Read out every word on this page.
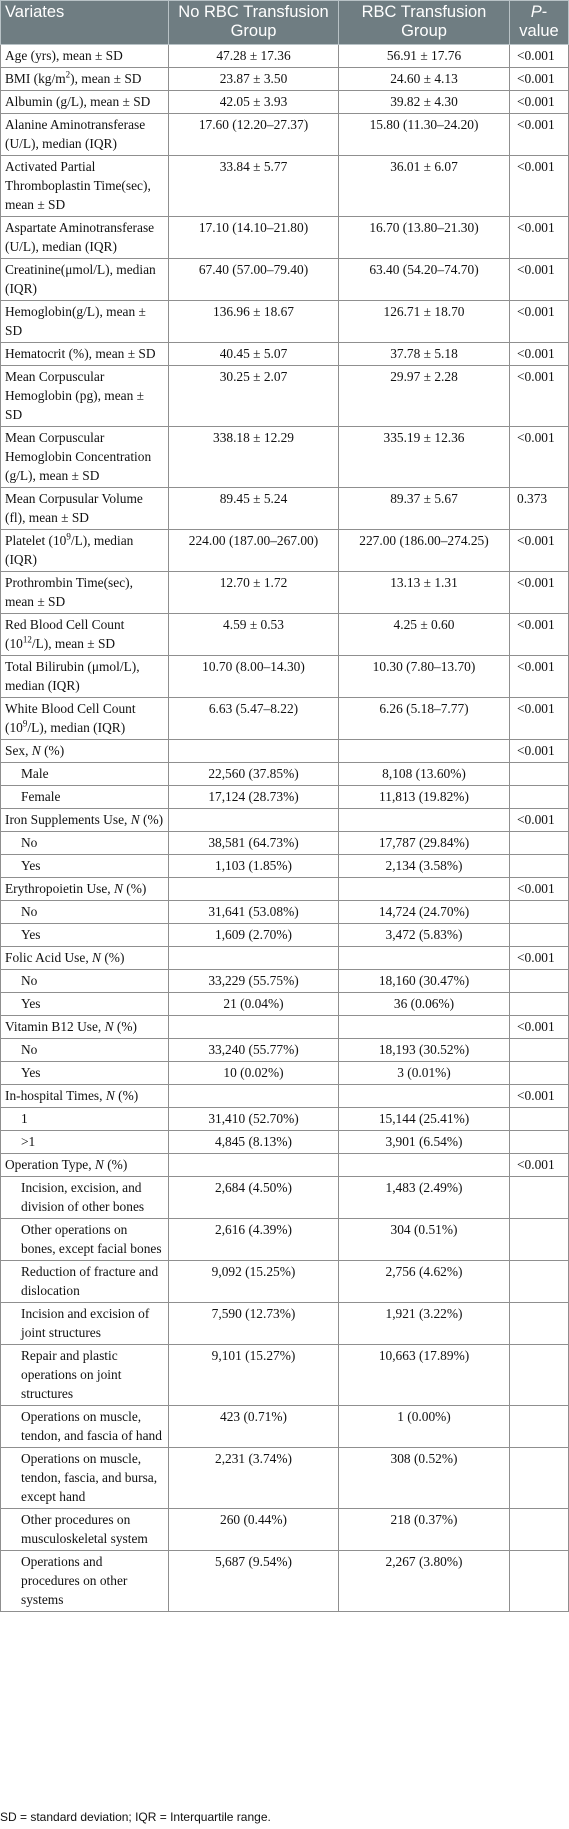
Variates	No RBC Transfusion Group	RBC Transfusion Group	P-value
Age (yrs), mean ± SD	47.28 ± 17.36	56.91 ± 17.76	<0.001
BMI $(kg/m^2)$, mean ± SD	23.87 ± 3.50	24.60 ± 4.13	<0.001
Albumin (g/L), mean ± SD	42.05 ± 3.93	39.82 ± 4.30	<0.001
Alanine Aminotransferase (U/L), median (IQR)	17.60 (12.20–27.37)	15.80 (11.30–24.20)	<0.001
Activated Partial Thromboplastin Time(sec), mean ± SD	33.84 ± 5.77	36.01 ± 6.07	<0.001
Aspartate Aminotransferase (U/L), median (IQR)	17.10 (14.10–21.80)	16.70 (13.80–21.30)	<0.001
Creatinine(μmol/L), median (IQR)	67.40 (57.00–79.40)	63.40 (54.20–74.70)	<0.001
Hemoglobin(g/L), mean ± SD	136.96 ± 18.67	126.71 ± 18.70	<0.001
Hematocrit (%), mean ± SD	40.45 ± 5.07	37.78 ± 5.18	<0.001
Mean Corpuscular Hemoglobin (pg), mean ± SD	30.25 ± 2.07	29.97 ± 2.28	<0.001
Mean Corpuscular Hemoglobin Concentration (g/L), mean ± SD	338.18 ± 12.29	335.19 ± 12.36	<0.001
Mean Corpusular Volume (fl), mean ± SD	89.45 ± 5.24	89.37 ± 5.67	0.373
Platelet $(10^9/L)$, median (IQR)	224.00 (187.00–267.00)	227.00 (186.00–274.25)	<0.001
Prothrombin Time(sec), mean ± SD	12.70 ± 1.72	13.13 ± 1.31	<0.001
Red Blood Cell Count $(10^{12}/L)$, mean ± SD	4.59 ± 0.53	4.25 ± 0.60	<0.001
Total Bilirubin (μmol/L), median (IQR)	10.70 (8.00–14.30)	10.30 (7.80–13.70)	<0.001
White Blood Cell Count $(10^9/L)$, median (IQR)	6.63 (5.47–8.22)	6.26 (5.18–7.77)	<0.001
Sex, N (%)			<0.001
Male	22,560 (37.85%)	8,108 (13.60%)	
Female	17,124 (28.73%)	11,813 (19.82%)	
Iron Supplements Use, N (%)			<0.001
No	38,581 (64.73%)	17,787 (29.84%)	
Yes	1,103 (1.85%)	2,134 (3.58%)	
Erythropoietin Use, N (%)			<0.001
No	31,641 (53.08%)	14,724 (24.70%)	
Yes	1,609 (2.70%)	3,472 (5.83%)	
Folic Acid Use, N (%)			<0.001
No	33,229 (55.75%)	18,160 (30.47%)	
Yes	21 (0.04%)	36 (0.06%)	
Vitamin B12 Use, N (%)			<0.001
No	33,240 (55.77%)	18,193 (30.52%)	
Yes	10 (0.02%)	3 (0.01%)	
In-hospital Times, N (%)			<0.001
1	31,410 (52.70%)	15,144 (25.41%)	
>1	4,845 (8.13%)	3,901 (6.54%)	
Operation Type, N (%)			<0.001
Incision, excision, and division of other bones	2,684 (4.50%)	1,483 (2.49%)	
Other operations on bones, except facial bones	2,616 (4.39%)	304 (0.51%)	
Reduction of fracture and dislocation	9,092 (15.25%)	2,756 (4.62%)	
Incision and excision of joint structures	7,590 (12.73%)	1,921 (3.22%)	
Repair and plastic operations on joint structures	9,101 (15.27%)	10,663 (17.89%)	
Operations on muscle, tendon, and fascia of hand	423 (0.71%)	1 (0.00%)	
Operations on muscle, tendon, fascia, and bursa, except hand	2,231 (3.74%)	308 (0.52%)	
Other procedures on musculoskeletal system	260 (0.44%)	218 (0.37%)	
Operations and procedures on other systems	5,687 (9.54%)	2,267 (3.80%)	
SD = standard deviation; IQR = Interquartile range.
